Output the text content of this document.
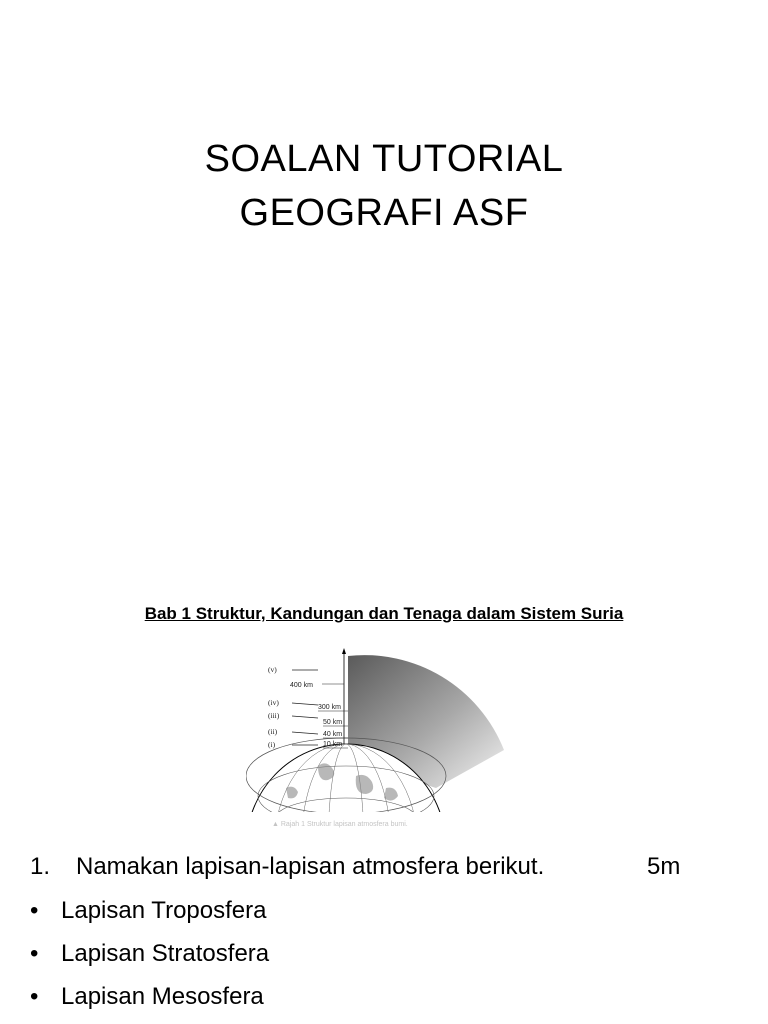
SOALAN TUTORIAL
GEOGRAFI ASF
Bab 1 Struktur, Kandungan dan Tenaga dalam Sistem Suria
(v)
(iv)
(iii)
(ii)
(i)
400 km
300 km
50 km
40 km
10 km
▲ Rajah 1 Struktur lapisan atmosfera bumi.
1. Namakan lapisan-lapisan atmosfera berikut.	5m
• Lapisan Troposfera
• Lapisan Stratosfera
• Lapisan Mesosfera
